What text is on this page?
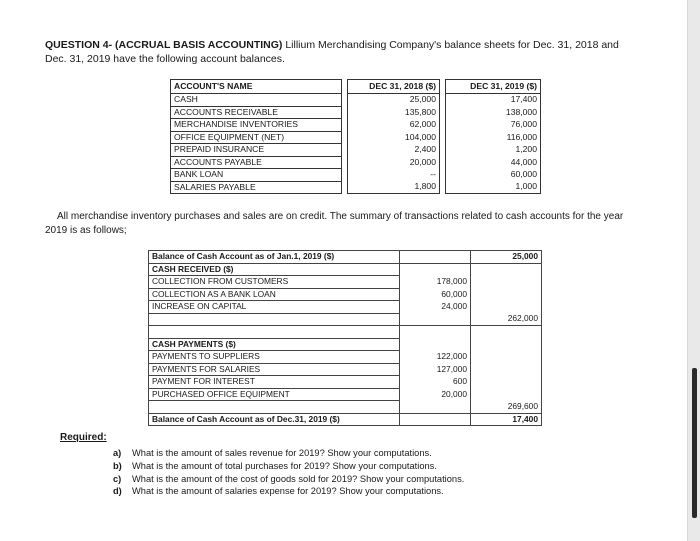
QUESTION 4- (ACCRUAL BASIS ACCOUNTING) Lillium Merchandising Company's balance sheets for Dec. 31, 2018 and Dec. 31, 2019 have the following account balances.
ACCOUNT'S NAME		DEC 31, 2018 ($)		DEC 31, 2019 ($)
CASH		25,000		17,400
ACCOUNTS RECEIVABLE		135,800		138,000
MERCHANDISE INVENTORIES		62,000		76,000
OFFICE EQUIPMENT (NET)		104,000		116,000
PREPAID INSURANCE		2,400		1,200
ACCOUNTS PAYABLE		20,000		44,000
BANK LOAN		--		60,000
SALARIES PAYABLE		1,800		1,000
All merchandise inventory purchases and sales are on credit. The summary of transactions related to cash accounts for the year 2019 is as follows;
Balance of Cash Account as of Jan.1, 2019 ($)		25,000
CASH RECEIVED ($)		
COLLECTION FROM CUSTOMERS	178,000	
COLLECTION AS A BANK LOAN	60,000	
INCREASE ON CAPITAL	24,000	
		262,000

CASH PAYMENTS ($)		
PAYMENTS TO SUPPLIERS	122,000	
PAYMENTS FOR SALARIES	127,000	
PAYMENT FOR INTEREST	600	
PURCHASED OFFICE EQUIPMENT	20,000	
		269,600
Balance of Cash Account as of Dec.31, 2019 ($)		17,400
Required:
a)	What is the amount of sales revenue for 2019? Show your computations.
b)	What is the amount of total purchases for 2019? Show your computations.
c)	What is the amount of the cost of goods sold for 2019? Show your computations.
d)	What is the amount of salaries expense for 2019? Show your computations.
